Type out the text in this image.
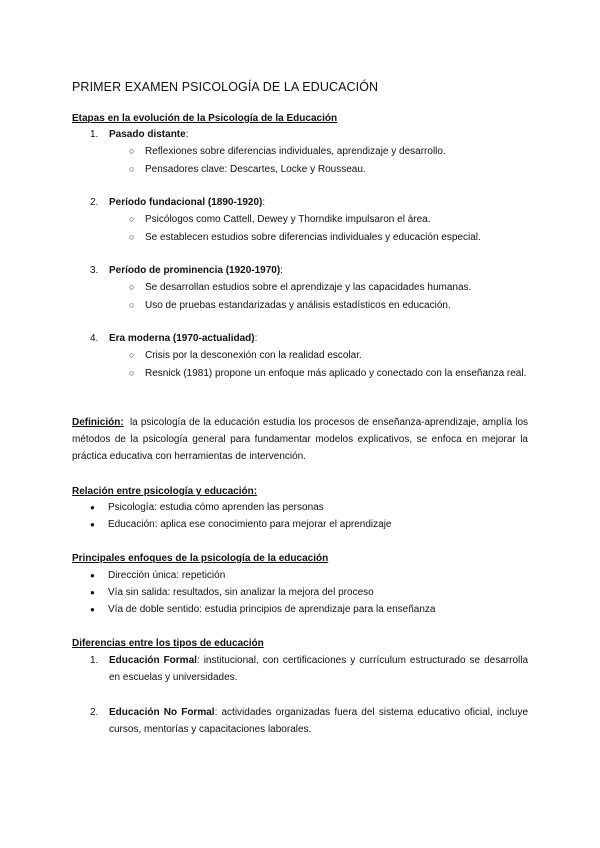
PRIMER EXAMEN PSICOLOGÍA DE LA EDUCACIÓN
Etapas en la evolución de la Psicología de la Educación
1. Pasado distante:
○ Reflexiones sobre diferencias individuales, aprendizaje y desarrollo.
○ Pensadores clave: Descartes, Locke y Rousseau.
2. Período fundacional (1890-1920):
○ Psicólogos como Cattell, Dewey y Thorndike impulsaron el área.
○ Se establecen estudios sobre diferencias individuales y educación especial.
3. Período de prominencia (1920-1970):
○ Se desarrollan estudios sobre el aprendizaje y las capacidades humanas.
○ Uso de pruebas estandarizadas y análisis estadísticos en educación.
4. Era moderna (1970-actualidad):
○ Crisis por la desconexión con la realidad escolar.
○ Resnick (1981) propone un enfoque más aplicado y conectado con la enseñanza real.
Definición: la psicología de la educación estudia los procesos de enseñanza-aprendizaje, amplía los métodos de la psicología general para fundamentar modelos explicativos, se enfoca en mejorar la práctica educativa con herramientas de intervención.
Relación entre psicología y educación:
● Psicología: estudia cómo aprenden las personas
● Educación: aplica ese conocimiento para mejorar el aprendizaje
Principales enfoques de la psicología de la educación
● Dirección única: repetición
● Vía sin salida: resultados, sin analizar la mejora del proceso
● Vía de doble sentido: estudia principios de aprendizaje para la enseñanza
Diferencias entre los tipos de educación
1. Educación Formal: institucional, con certificaciones y currículum estructurado se desarrolla en escuelas y universidades.
2. Educación No Formal: actividades organizadas fuera del sistema educativo oficial, incluye cursos, mentorías y capacitaciones laborales.
